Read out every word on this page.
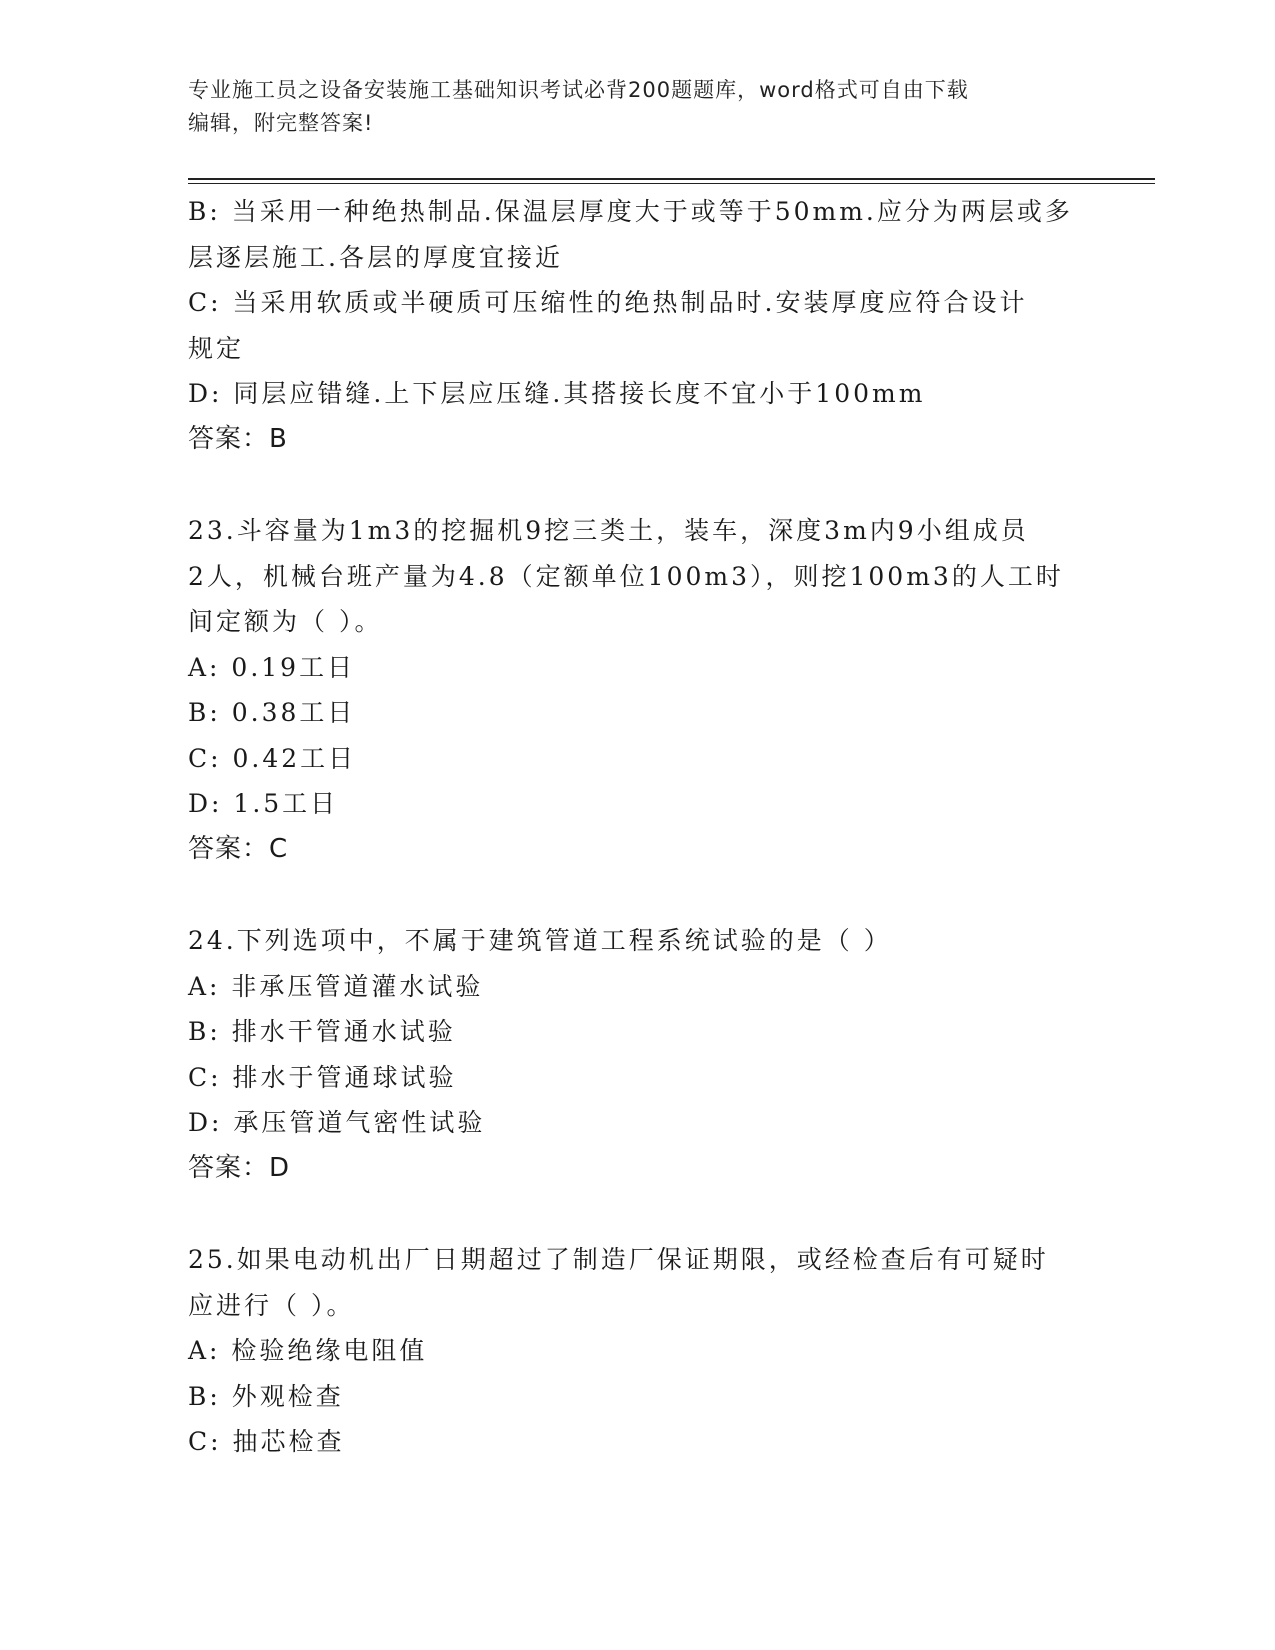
专业施工员之设备安装施工基础知识考试必背200题题库，word格式可自由下载
编辑，附完整答案!
B: 当采用一种绝热制品.保温层厚度大于或等于50mm.应分为两层或多
层逐层施工.各层的厚度宜接近
C: 当采用软质或半硬质可压缩性的绝热制品时.安装厚度应符合设计
规定
D: 同层应错缝.上下层应压缝.其搭接长度不宜小于100mm
答案：B
23.斗容量为1m3的挖掘机9挖三类土，装车，深度3m内9小组成员
2人，机械台班产量为4.8（定额单位100m3），则挖100m3的人工时
间定额为（ ）。
A: 0.19工日
B: 0.38工日
C: 0.42工日
D: 1.5工日
答案：C
24.下列选项中，不属于建筑管道工程系统试验的是（ ）
A: 非承压管道灌水试验
B: 排水干管通水试验
C: 排水于管通球试验
D: 承压管道气密性试验
答案：D
25.如果电动机出厂日期超过了制造厂保证期限，或经检查后有可疑时
应进行（ ）。
A: 检验绝缘电阻值
B: 外观检查
C: 抽芯检查
